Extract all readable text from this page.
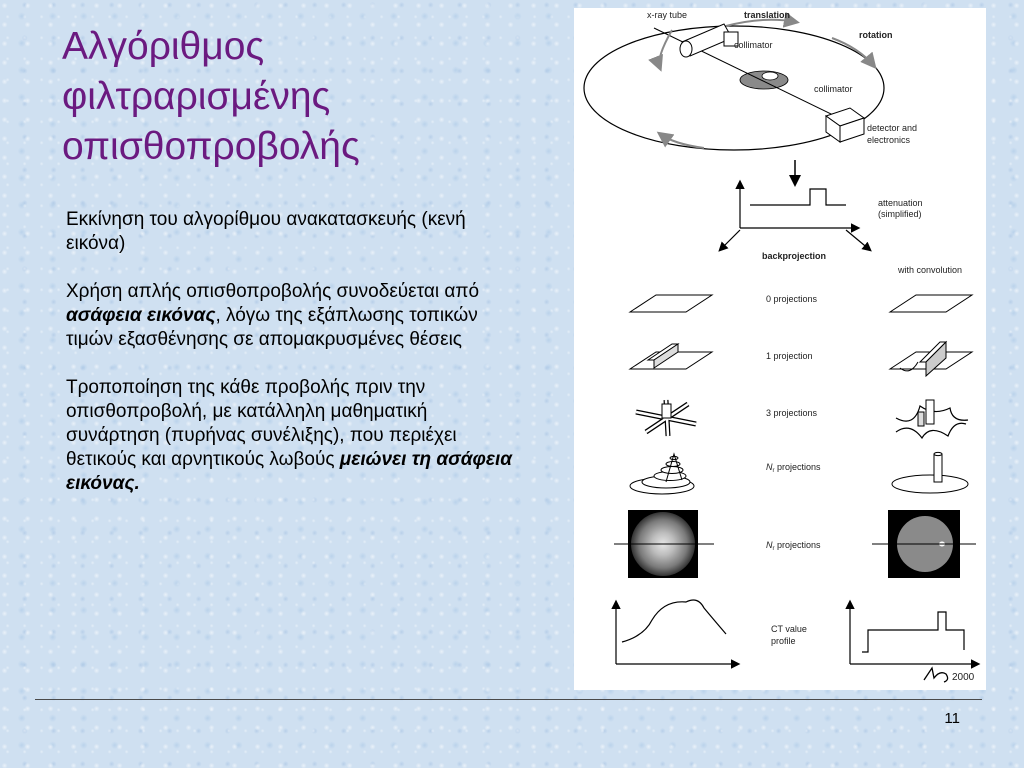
Αλγόριθμος
φιλτραρισμένης
οπισθοπροβολής

Εκκίνηση του αλγορίθμου ανακατασκευής (κενή εικόνα)

Χρήση απλής οπισθοπροβολής συνοδεύεται από ασάφεια εικόνας, λόγω της εξάπλωσης τοπικών τιμών εξασθένησης σε απομακρυσμένες θέσεις

Τροποποίηση της κάθε προβολής πριν την οπισθοπροβολή, με κατάλληλη μαθηματική συνάρτηση (πυρήνας συνέλιξης), που περιέχει θετικούς και αρνητικούς λωβούς μειώνει τη ασάφεια εικόνας.

x-ray tube	translation
rotation
collimator
collimator
detector and
electronics
attenuation
(simplified)
backprojection
with convolution
0 projections
1 projection
3 projections
$N_r$ projections
$N_r$ projections
CT value
profile
2000
11
